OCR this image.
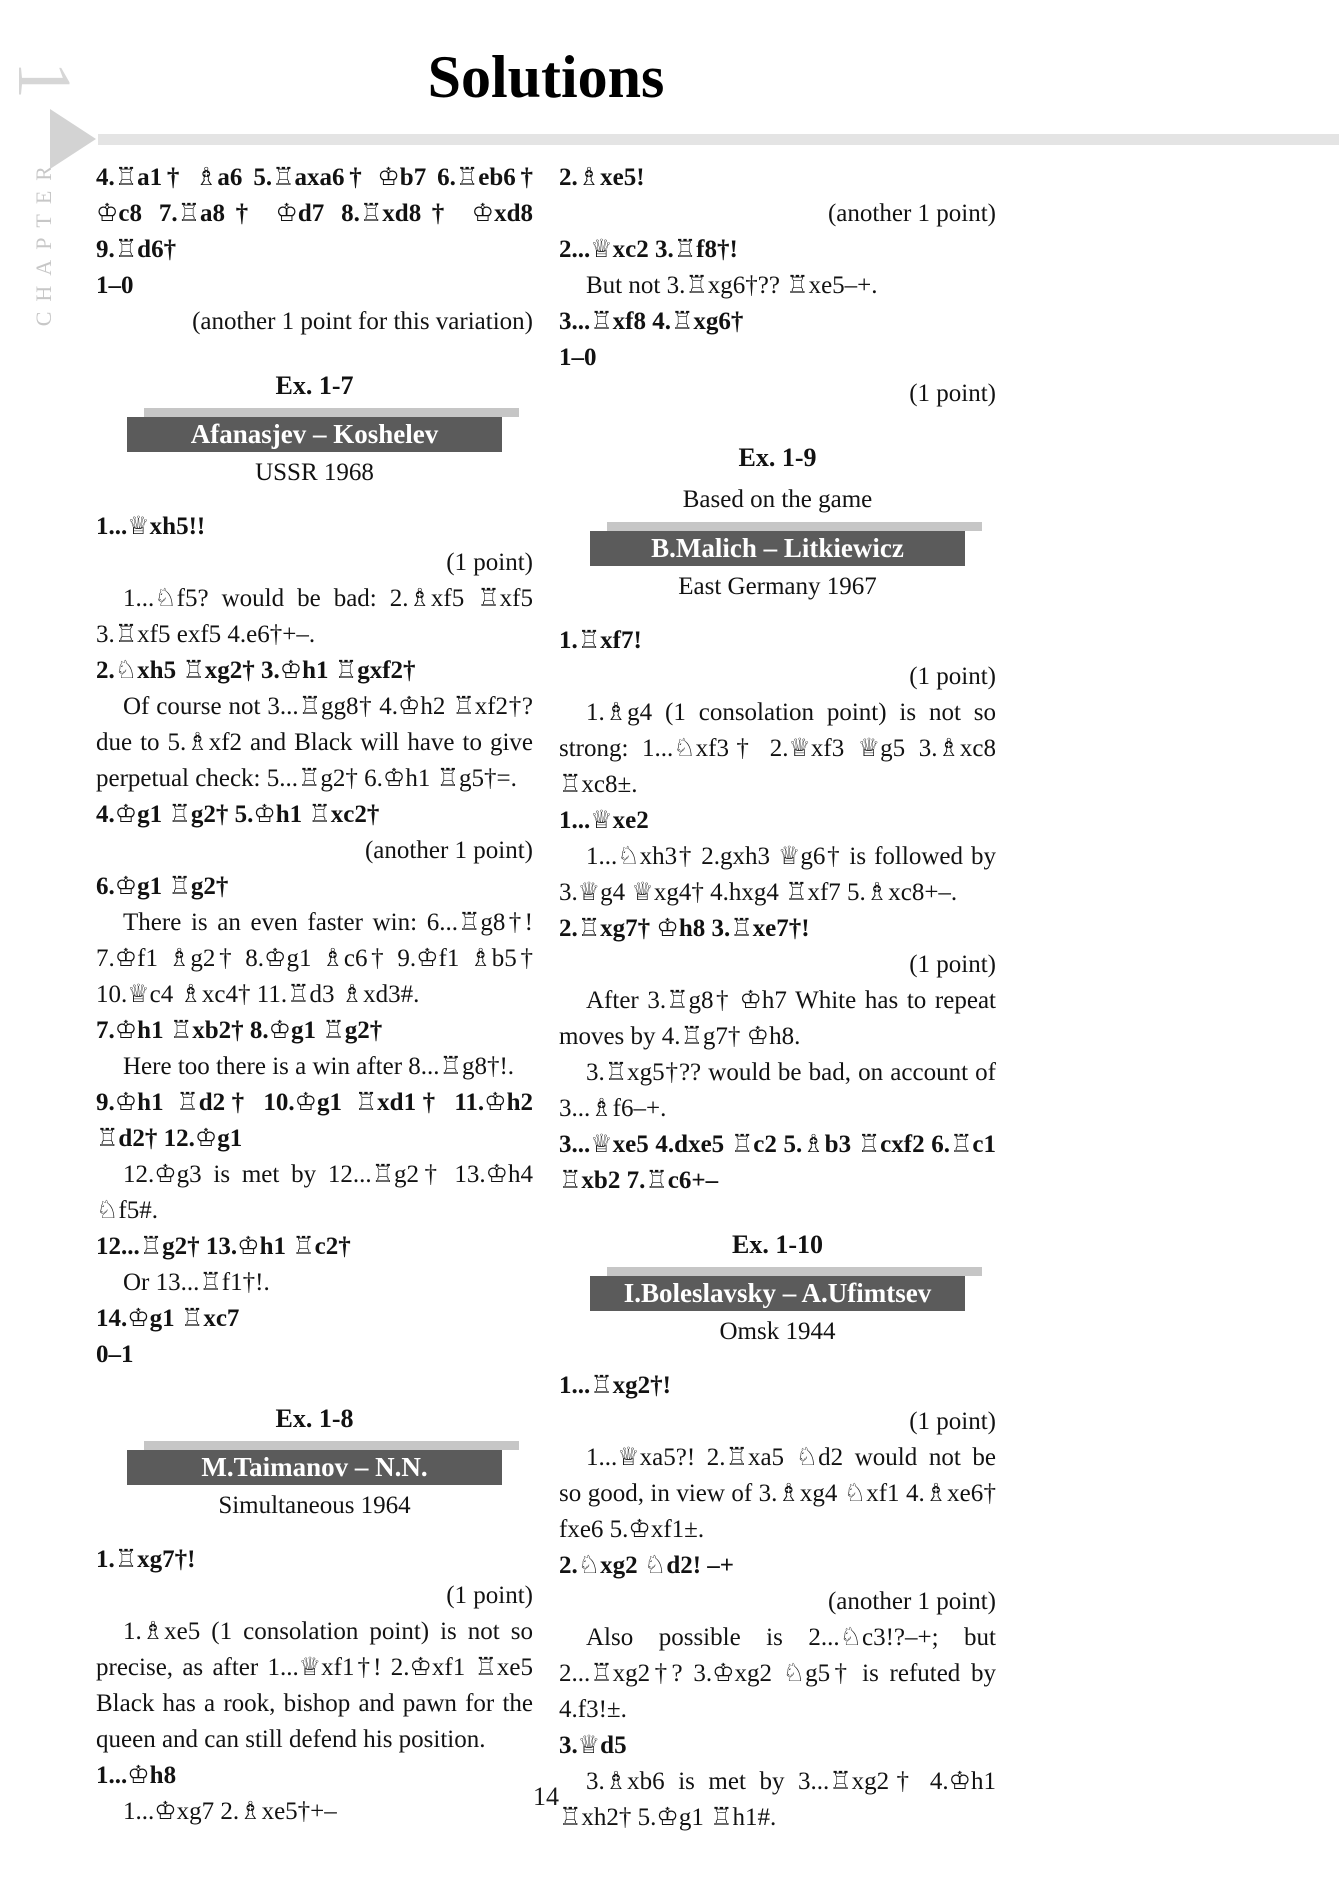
1
CHAPTER
Solutions
4.♖a1† ♗a6 5.♖axa6† ♔b7 6.♖eb6† ♔c8 7.♖a8† ♔d7 8.♖xd8† ♔xd8 9.♖d6†
1–0
(another 1 point for this variation)
Ex. 1-7
Afanasjev – Koshelev
USSR 1968
1...♕xh5!!
(1 point)
1...♘f5? would be bad: 2.♗xf5 ♖xf5 3.♖xf5 exf5 4.e6†+–.
2.♘xh5 ♖xg2† 3.♔h1 ♖gxf2†
Of course not 3...♖gg8† 4.♔h2 ♖xf2†? due to 5.♗xf2 and Black will have to give perpetual check: 5...♖g2† 6.♔h1 ♖g5†=.
4.♔g1 ♖g2† 5.♔h1 ♖xc2†
(another 1 point)
6.♔g1 ♖g2†
There is an even faster win: 6...♖g8†! 7.♔f1 ♗g2† 8.♔g1 ♗c6† 9.♔f1 ♗b5† 10.♕c4 ♗xc4† 11.♖d3 ♗xd3#.
7.♔h1 ♖xb2† 8.♔g1 ♖g2†
Here too there is a win after 8...♖g8†!.
9.♔h1 ♖d2† 10.♔g1 ♖xd1† 11.♔h2 ♖d2† 12.♔g1
12.♔g3 is met by 12...♖g2† 13.♔h4 ♘f5#.
12...♖g2† 13.♔h1 ♖c2†
Or 13...♖f1†!.
14.♔g1 ♖xc7
0–1
Ex. 1-8
M.Taimanov – N.N.
Simultaneous 1964
1.♖xg7†!
(1 point)
1.♗xe5 (1 consolation point) is not so precise, as after 1...♕xf1†! 2.♔xf1 ♖xe5 Black has a rook, bishop and pawn for the queen and can still defend his position.
1...♔h8
1...♔xg7 2.♗xe5†+–
2.♗xe5!
(another 1 point)
2...♕xc2 3.♖f8†!
But not 3.♖xg6†?? ♖xe5–+.
3...♖xf8 4.♖xg6†
1–0
(1 point)
Ex. 1-9
Based on the game
B.Malich – Litkiewicz
East Germany 1967
1.♖xf7!
(1 point)
1.♗g4 (1 consolation point) is not so strong: 1...♘xf3† 2.♕xf3 ♕g5 3.♗xc8 ♖xc8±.
1...♕xe2
1...♘xh3† 2.gxh3 ♕g6† is followed by 3.♕g4 ♕xg4† 4.hxg4 ♖xf7 5.♗xc8+–.
2.♖xg7† ♔h8 3.♖xe7†!
(1 point)
After 3.♖g8† ♔h7 White has to repeat moves by 4.♖g7† ♔h8.
3.♖xg5†?? would be bad, on account of 3...♗f6–+.
3...♕xe5 4.dxe5 ♖c2 5.♗b3 ♖cxf2 6.♖c1 ♖xb2 7.♖c6+–
Ex. 1-10
I.Boleslavsky – A.Ufimtsev
Omsk 1944
1...♖xg2†!
(1 point)
1...♕xa5?! 2.♖xa5 ♘d2 would not be so good, in view of 3.♗xg4 ♘xf1 4.♗xe6† fxe6 5.♔xf1±.
2.♘xg2 ♘d2! –+
(another 1 point)
Also possible is 2...♘c3!?–+; but 2...♖xg2†? 3.♔xg2 ♘g5† is refuted by 4.f3!±.
3.♕d5
3.♗xb6 is met by 3...♖xg2† 4.♔h1 ♖xh2† 5.♔g1 ♖h1#.
14
